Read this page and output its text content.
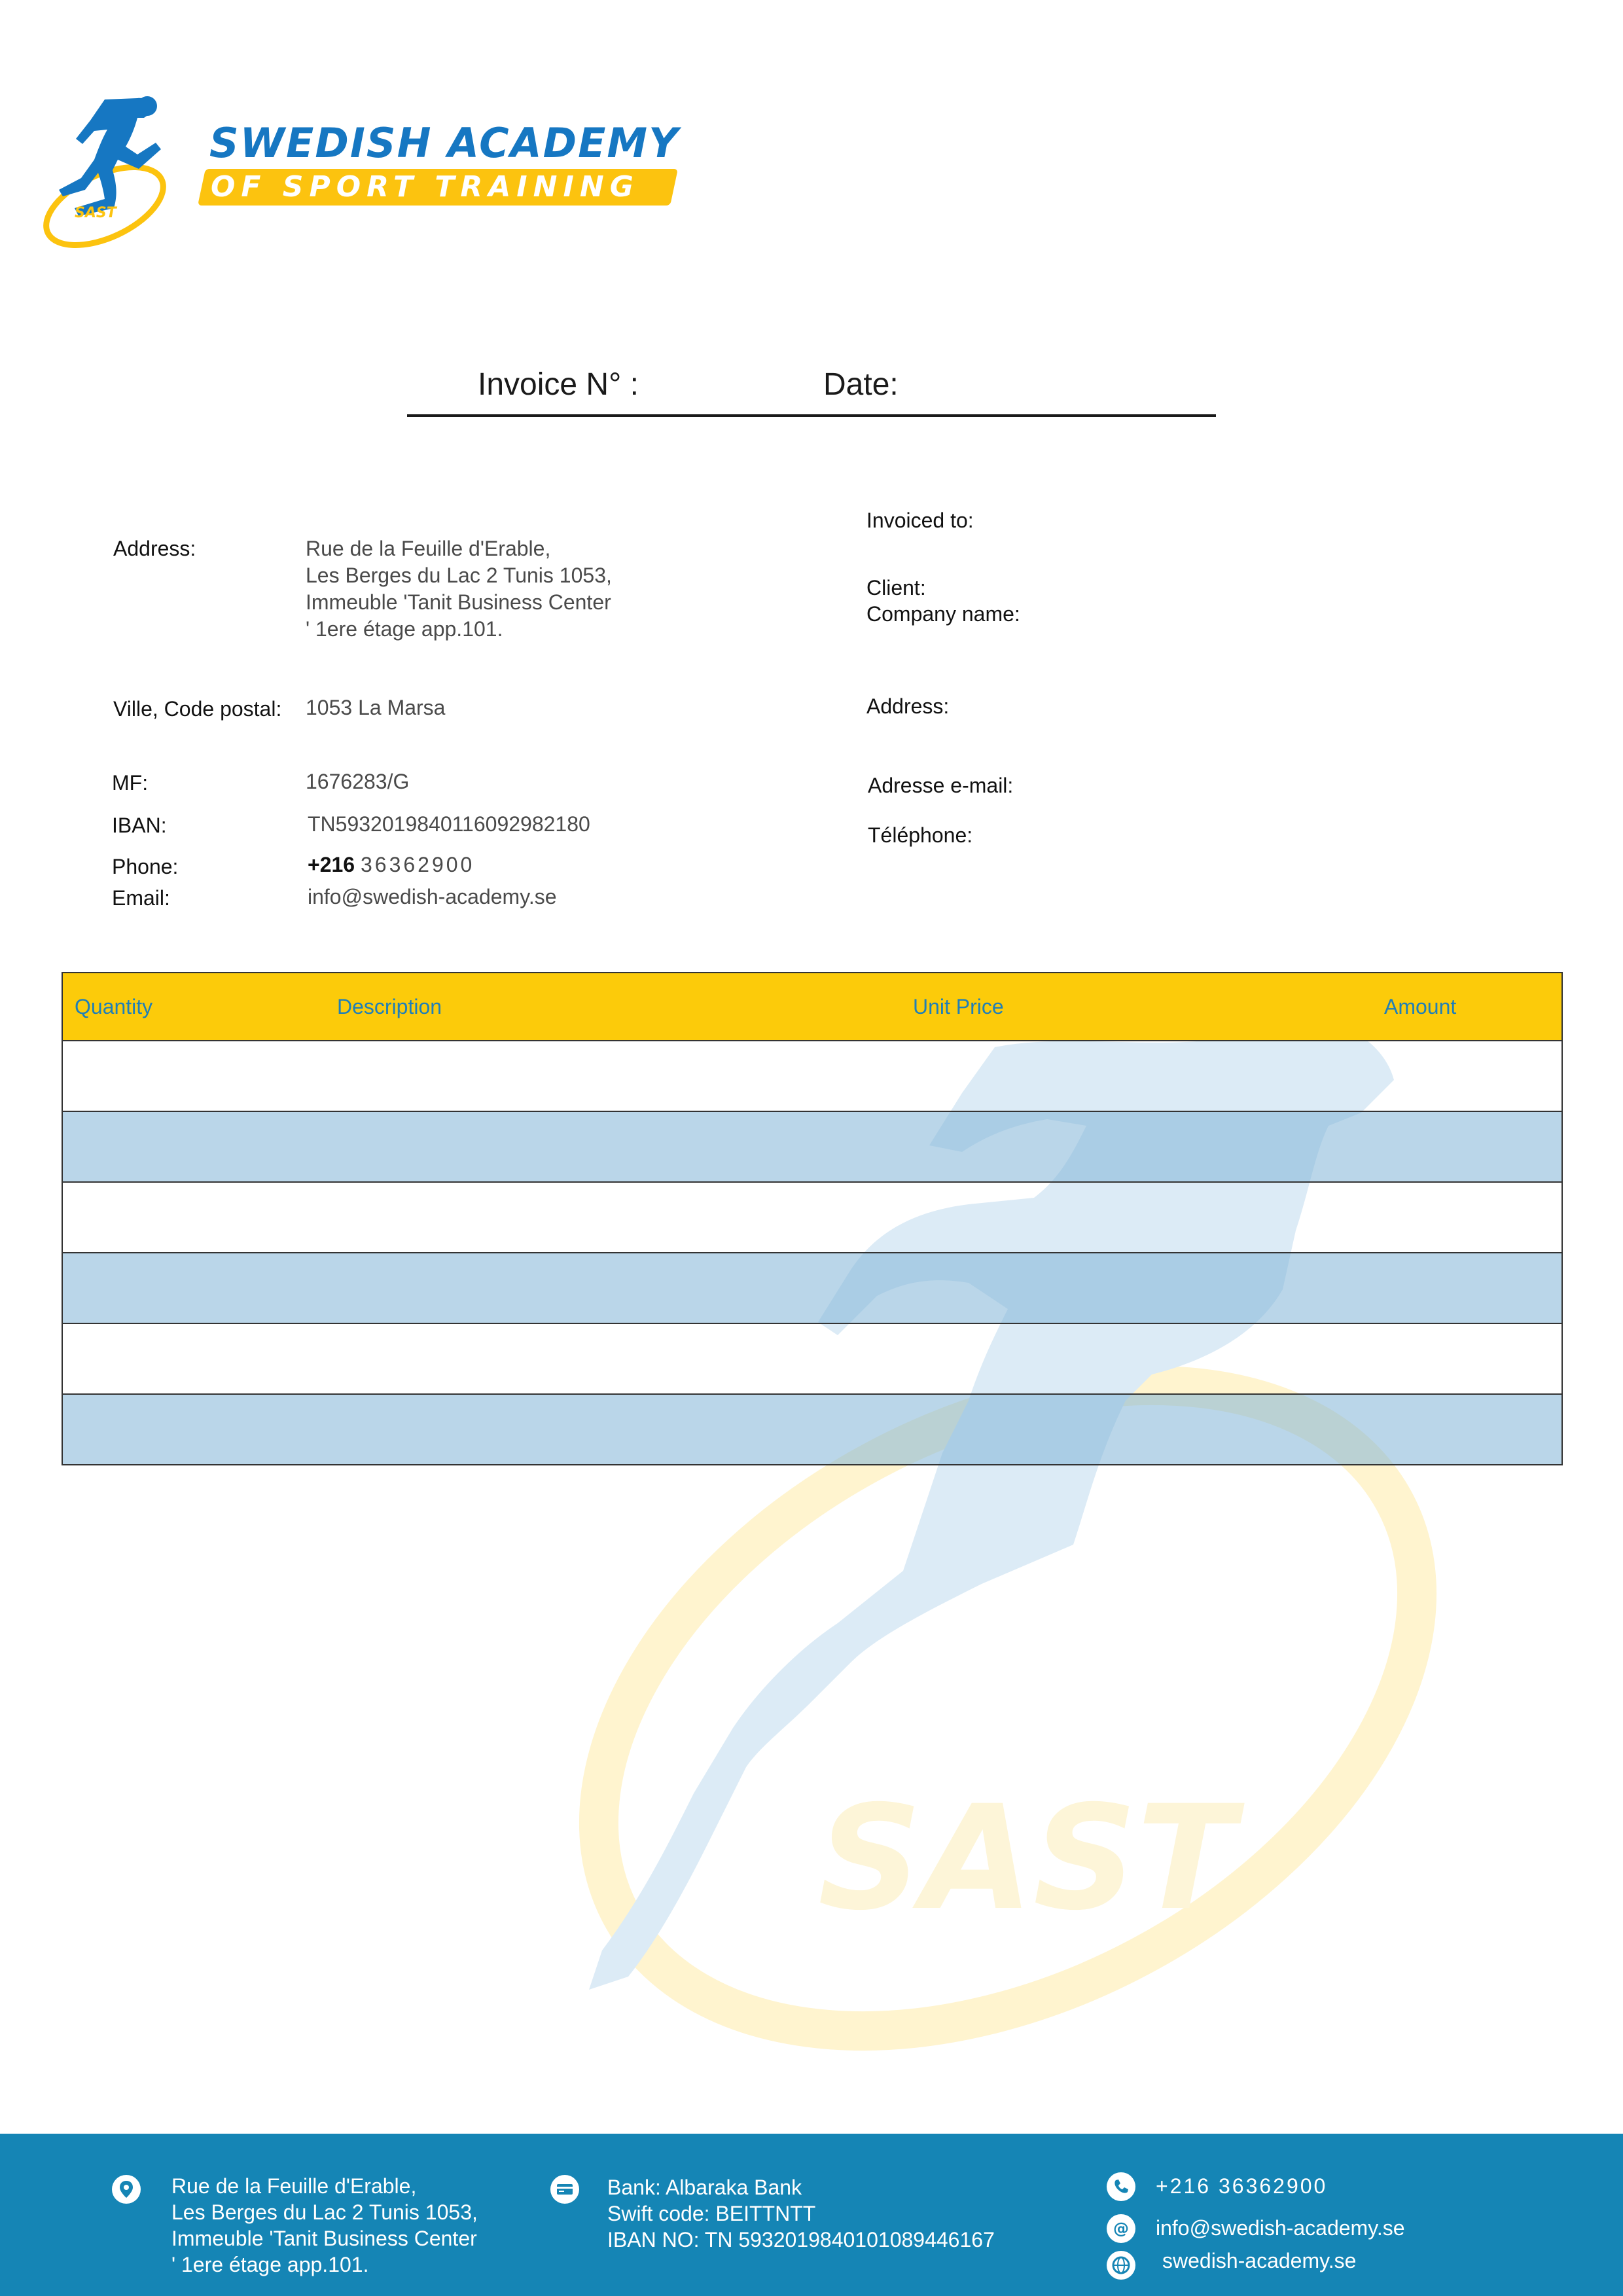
SAST
SAST
SWEDISH ACADEMY
OF SPORT TRAINING
Invoice N° :	Date:
Address:	Rue de la Feuille d'Erable,
Les Berges du Lac 2 Tunis 1053,
Immeuble 'Tanit Business Center
' 1ere étage app.101.
Ville, Code postal: 1053 La Marsa
MF:	1676283/G
IBAN:	TN5932019840116092982180
Phone:	+216 36362900
Email:	info@swedish-academy.se
Invoiced to:
Client:
Company name:
Address:
Adresse e-mail:
Téléphone:
Quantity	Description	Unit Price	Amount

Rue de la Feuille d'Erable,
Les Berges du Lac 2 Tunis 1053,
Immeuble 'Tanit Business Center
' 1ere étage app.101.
Bank: Albaraka Bank
Swift code: BEITTNTT
IBAN NO: TN 5932019840101089446167
+216 36362900
@ info@swedish-academy.se
swedish-academy.se
